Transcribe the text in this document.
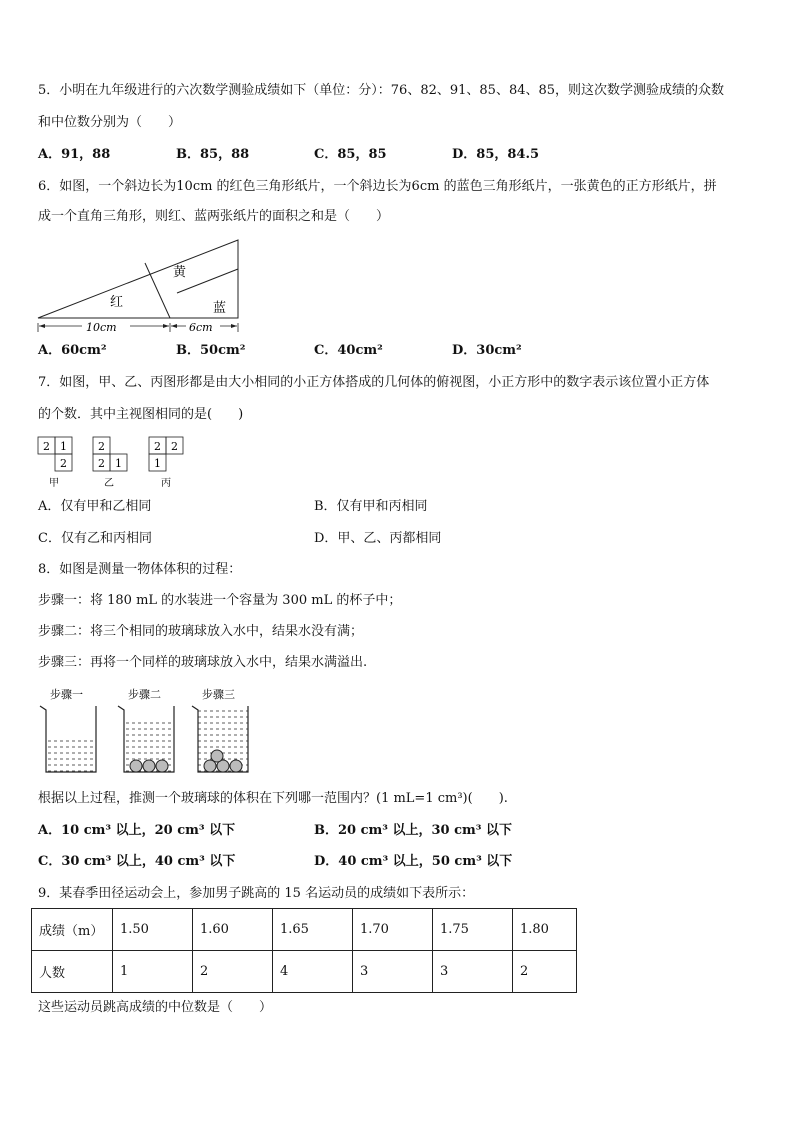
5．小明在九年级进行的六次数学测验成绩如下（单位：分）：76、82、91、85、84、85，则这次数学测验成绩的众数
和中位数分别为（　　）
A．91，88	B．85，88	C．85，85	D．85，84.5
6．如图，一个斜边长为10cm 的红色三角形纸片，一个斜边长为6cm 的蓝色三角形纸片，一张黄色的正方形纸片，拼
成一个直角三角形，则红、蓝两张纸片的面积之和是（　　）
黄
红	蓝
10cm	6cm
A．60cm²	B．50cm²	C．40cm²	D．30cm²
7．如图，甲、乙、丙图形都是由大小相同的小正方体搭成的几何体的俯视图，小正方形中的数字表示该位置小正方体
的个数．其中主视图相同的是(　　)
2 1
2
甲
2
2 1
乙
2 2
1
丙
A．仅有甲和乙相同	B．仅有甲和丙相同
C．仅有乙和丙相同	D．甲、乙、丙都相同
8．如图是测量一物体体积的过程：
步骤一：将 180 mL 的水装进一个容量为 300 mL 的杯子中；
步骤二：将三个相同的玻璃球放入水中，结果水没有满；
步骤三：再将一个同样的玻璃球放入水中，结果水满溢出.
步骤一	步骤二	步骤三
根据以上过程，推测一个玻璃球的体积在下列哪一范围内？(1 mL=1 cm³)(　　).
A．10 cm³ 以上，20 cm³ 以下	B．20 cm³ 以上，30 cm³ 以下
C．30 cm³ 以上，40 cm³ 以下	D．40 cm³ 以上，50 cm³ 以下
9．某春季田径运动会上，参加男子跳高的 15 名运动员的成绩如下表所示：
成绩（m）	1.50	1.60	1.65	1.70	1.75	1.80
人数	1	2	4	3	3	2
这些运动员跳高成绩的中位数是（　　）
